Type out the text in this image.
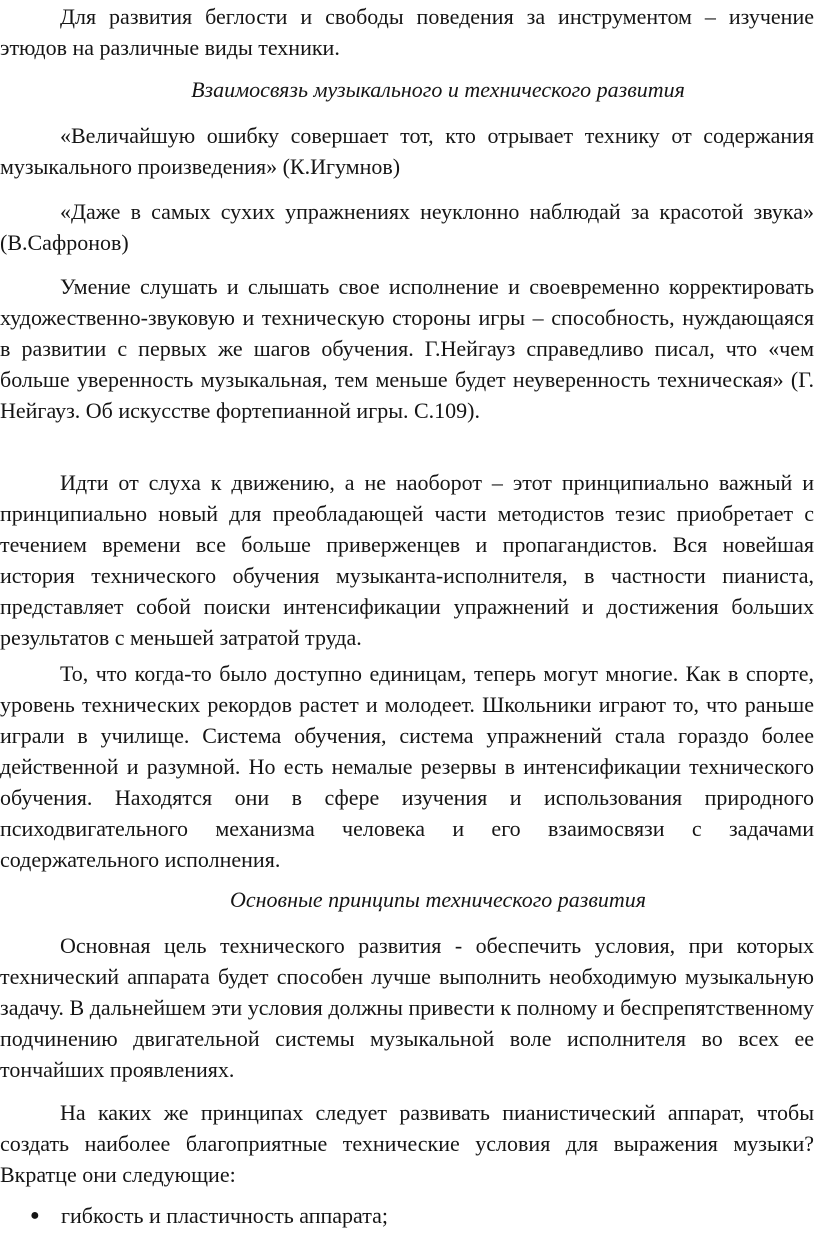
Для развития беглости и свободы поведения за инструментом – изучение этюдов на различные виды техники.

Взаимосвязь музыкального и технического развития

«Величайшую ошибку совершает тот, кто отрывает технику от содержания музыкального произведения» (К.Игумнов)

«Даже в самых сухих упражнениях неуклонно наблюдай за красотой звука» (В.Сафронов)

Умение слушать и слышать свое исполнение и своевременно корректировать художественно-звуковую и техническую стороны игры – способность, нуждающаяся в развитии с первых же шагов обучения. Г.Нейгауз справедливо писал, что «чем больше уверенность музыкальная, тем меньше будет неуверенность техническая» (Г. Нейгауз. Об искусстве фортепианной игры. С.109).

Идти от слуха к движению, а не наоборот – этот принципиально важный и принципиально новый для преобладающей части методистов тезис приобретает с течением времени все больше приверженцев и пропагандистов. Вся новейшая история технического обучения музыканта-исполнителя, в частности пианиста, представляет собой поиски интенсификации упражнений и достижения больших результатов с меньшей затратой труда.

То, что когда-то было доступно единицам, теперь могут многие. Как в спорте, уровень технических рекордов растет и молодеет. Школьники играют то, что раньше играли в училище. Система обучения, система упражнений стала гораздо более действенной и разумной. Но есть немалые резервы в интенсификации технического обучения. Находятся они в сфере изучения и использования природного психодвигательного механизма человека и его взаимосвязи с задачами содержательного исполнения.

Основные принципы технического развития

Основная цель технического развития - обеспечить условия, при которых технический аппарата будет способен лучше выполнить необходимую музыкальную задачу. В дальнейшем эти условия должны привести к полному и беспрепятственному подчинению двигательной системы музыкальной воле исполнителя во всех ее тончайших проявлениях.

На каких же принципах следует развивать пианистический аппарат, чтобы создать наиболее благоприятные технические условия для выражения музыки? Вкратце они следующие:

● гибкость и пластичность аппарата;
